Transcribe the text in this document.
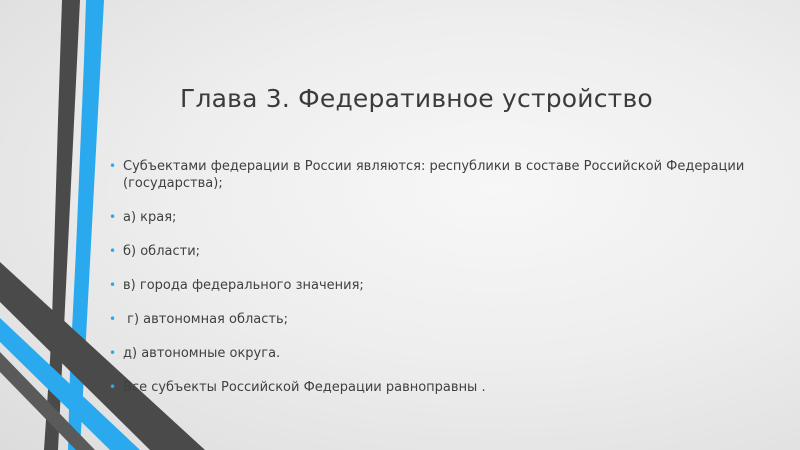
Глава 3. Федеративное устройство
• Субъектами федерации в России являются: республики в составе Российской Федерации (государства);
• а) края;
• б) области;
• в) города федерального значения;
• г) автономная область;
• д) автономные округа.
• Все субъекты Российской Федерации равноправны .
